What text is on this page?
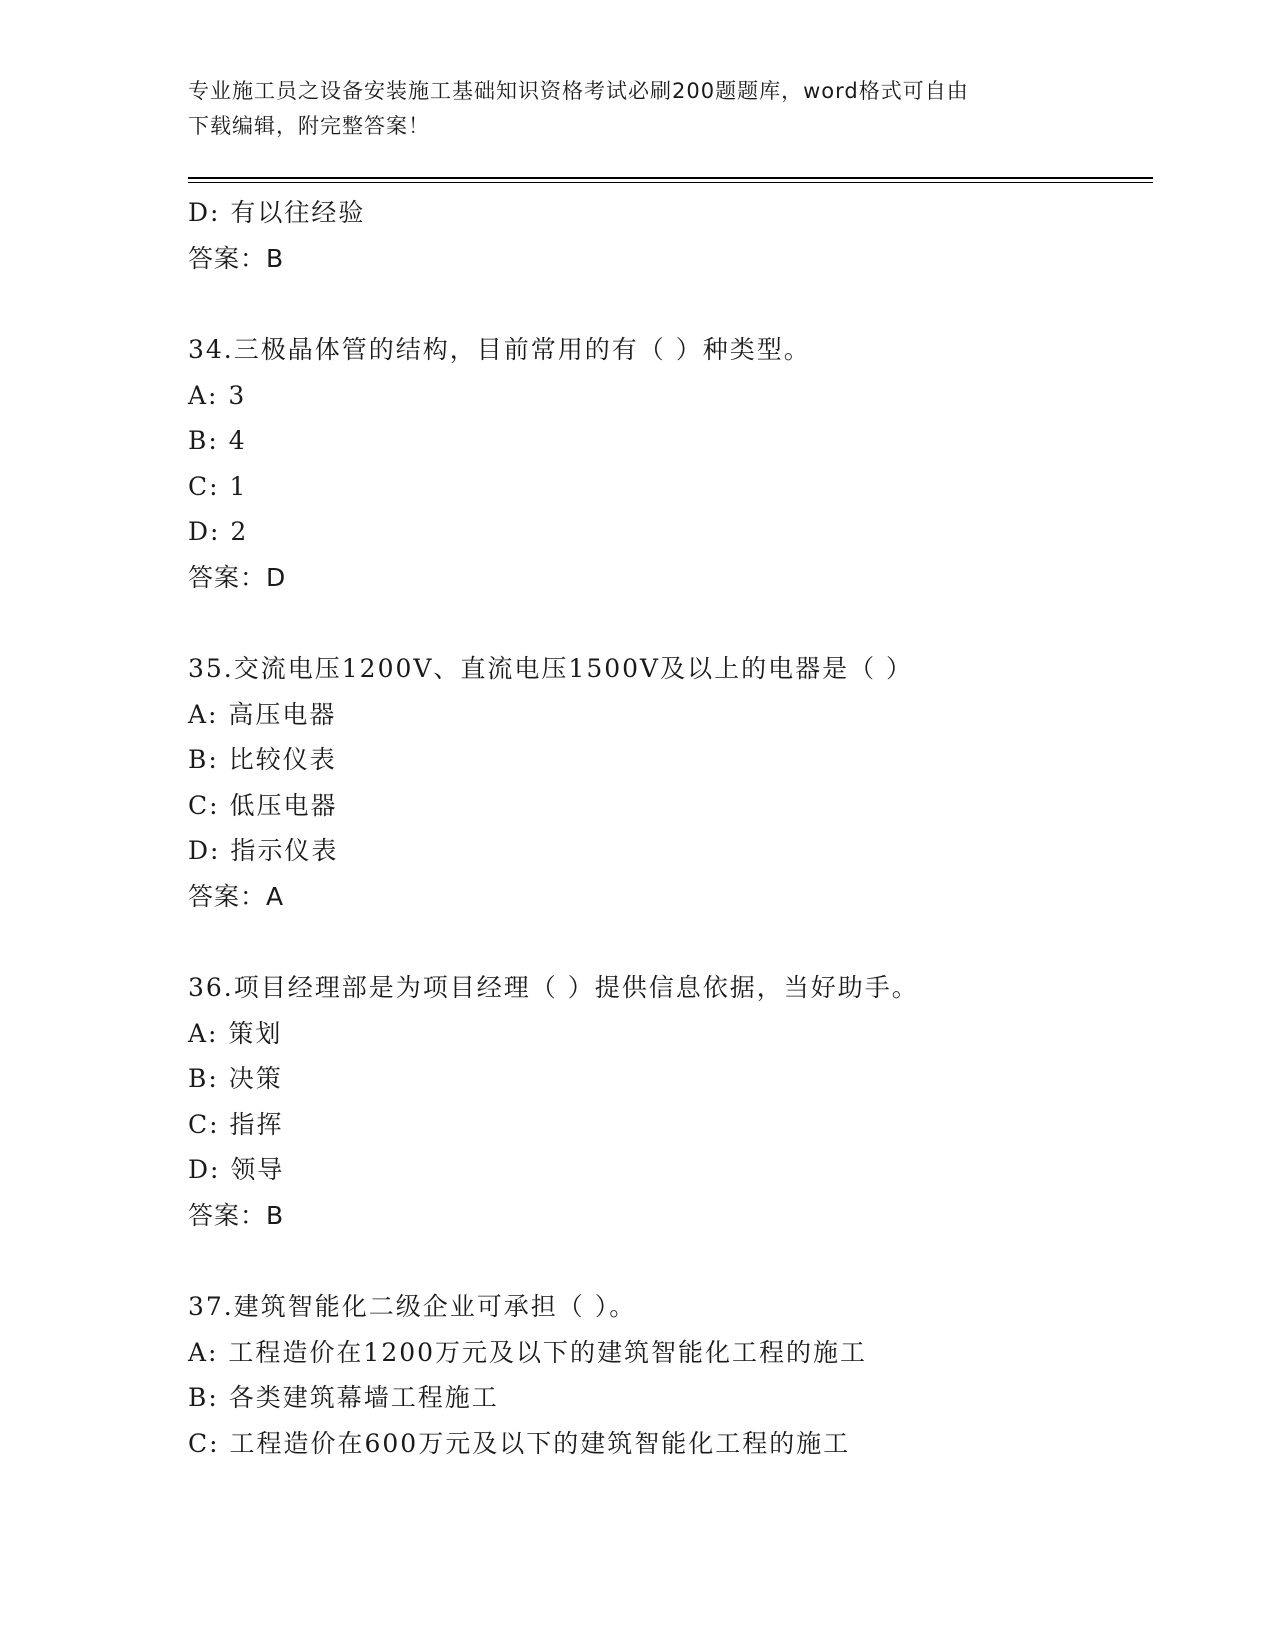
专业施工员之设备安装施工基础知识资格考试必刷200题题库，word格式可自由
下载编辑，附完整答案！
D: 有以往经验
答案：B
34.三极晶体管的结构，目前常用的有（ ）种类型。
A: 3
B: 4
C: 1
D: 2
答案：D
35.交流电压1200V、直流电压1500V及以上的电器是（ ）
A: 高压电器
B: 比较仪表
C: 低压电器
D: 指示仪表
答案：A
36.项目经理部是为项目经理（ ）提供信息依据，当好助手。
A: 策划
B: 决策
C: 指挥
D: 领导
答案：B
37.建筑智能化二级企业可承担（ ）。
A: 工程造价在1200万元及以下的建筑智能化工程的施工
B: 各类建筑幕墙工程施工
C: 工程造价在600万元及以下的建筑智能化工程的施工
